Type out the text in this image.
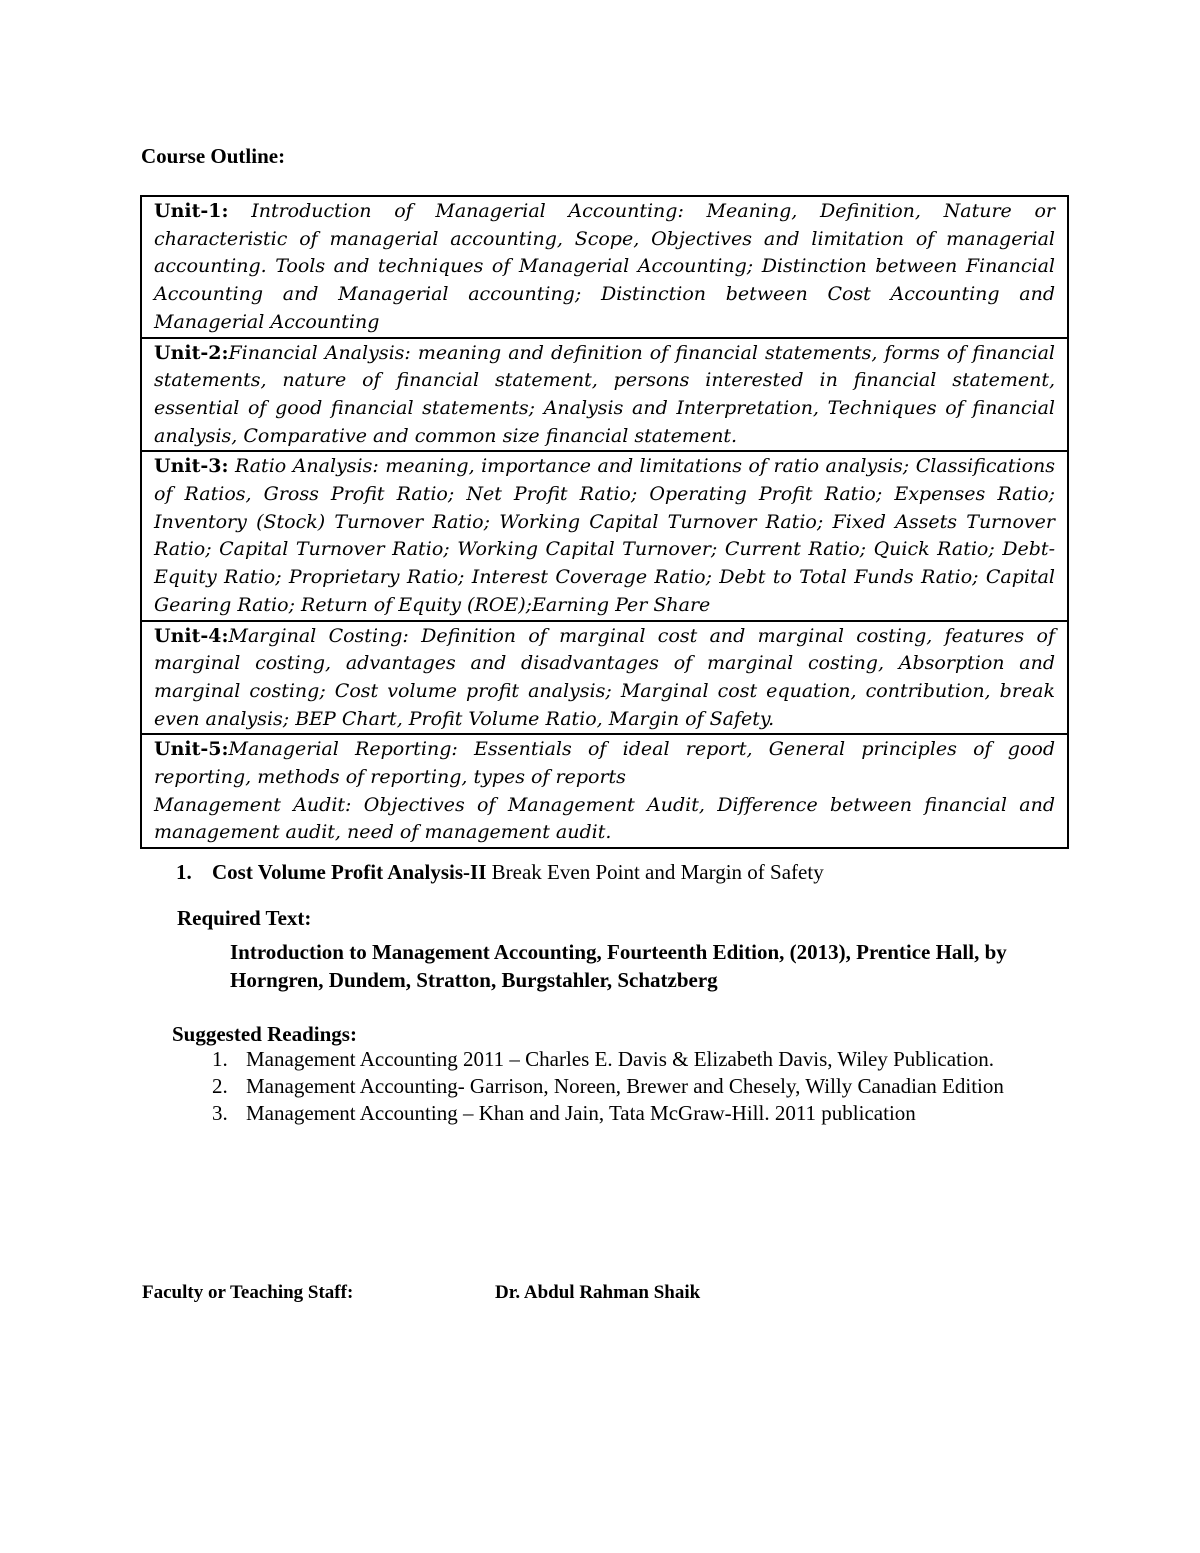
Course Outline:
Unit-1: Introduction of Managerial Accounting: Meaning, Definition, Nature or characteristic of managerial accounting, Scope, Objectives and limitation of managerial accounting. Tools and techniques of Managerial Accounting; Distinction between Financial Accounting and Managerial accounting; Distinction between Cost Accounting and Managerial Accounting
Unit-2:Financial Analysis: meaning and definition of financial statements, forms of financial statements, nature of financial statement, persons interested in financial statement, essential of good financial statements; Analysis and Interpretation, Techniques of financial analysis, Comparative and common size financial statement.
Unit-3: Ratio Analysis: meaning, importance and limitations of ratio analysis; Classifications of Ratios, Gross Profit Ratio; Net Profit Ratio; Operating Profit Ratio; Expenses Ratio; Inventory (Stock) Turnover Ratio; Working Capital Turnover Ratio; Fixed Assets Turnover Ratio; Capital Turnover Ratio; Working Capital Turnover; Current Ratio; Quick Ratio; Debt-Equity Ratio; Proprietary Ratio; Interest Coverage Ratio; Debt to Total Funds Ratio; Capital Gearing Ratio; Return of Equity (ROE);Earning Per Share
Unit-4:Marginal Costing: Definition of marginal cost and marginal costing, features of marginal costing, advantages and disadvantages of marginal costing, Absorption and marginal costing; Cost volume profit analysis; Marginal cost equation, contribution, break even analysis; BEP Chart, Profit Volume Ratio, Margin of Safety.
Unit-5:Managerial Reporting: Essentials of ideal report, General principles of good reporting, methods of reporting, types of reports
Management Audit: Objectives of Management Audit, Difference between financial and management audit, need of management audit.
1. Cost Volume Profit Analysis-II Break Even Point and Margin of Safety
Required Text:
Introduction to Management Accounting, Fourteenth Edition, (2013), Prentice Hall, by Horngren, Dundem, Stratton, Burgstahler, Schatzberg
Suggested Readings:
1. Management Accounting 2011 – Charles E. Davis & Elizabeth Davis, Wiley Publication.
2. Management Accounting- Garrison, Noreen, Brewer and Chesely, Willy Canadian Edition
3. Management Accounting – Khan and Jain, Tata McGraw-Hill. 2011 publication
Faculty or Teaching Staff:	Dr. Abdul Rahman Shaik
